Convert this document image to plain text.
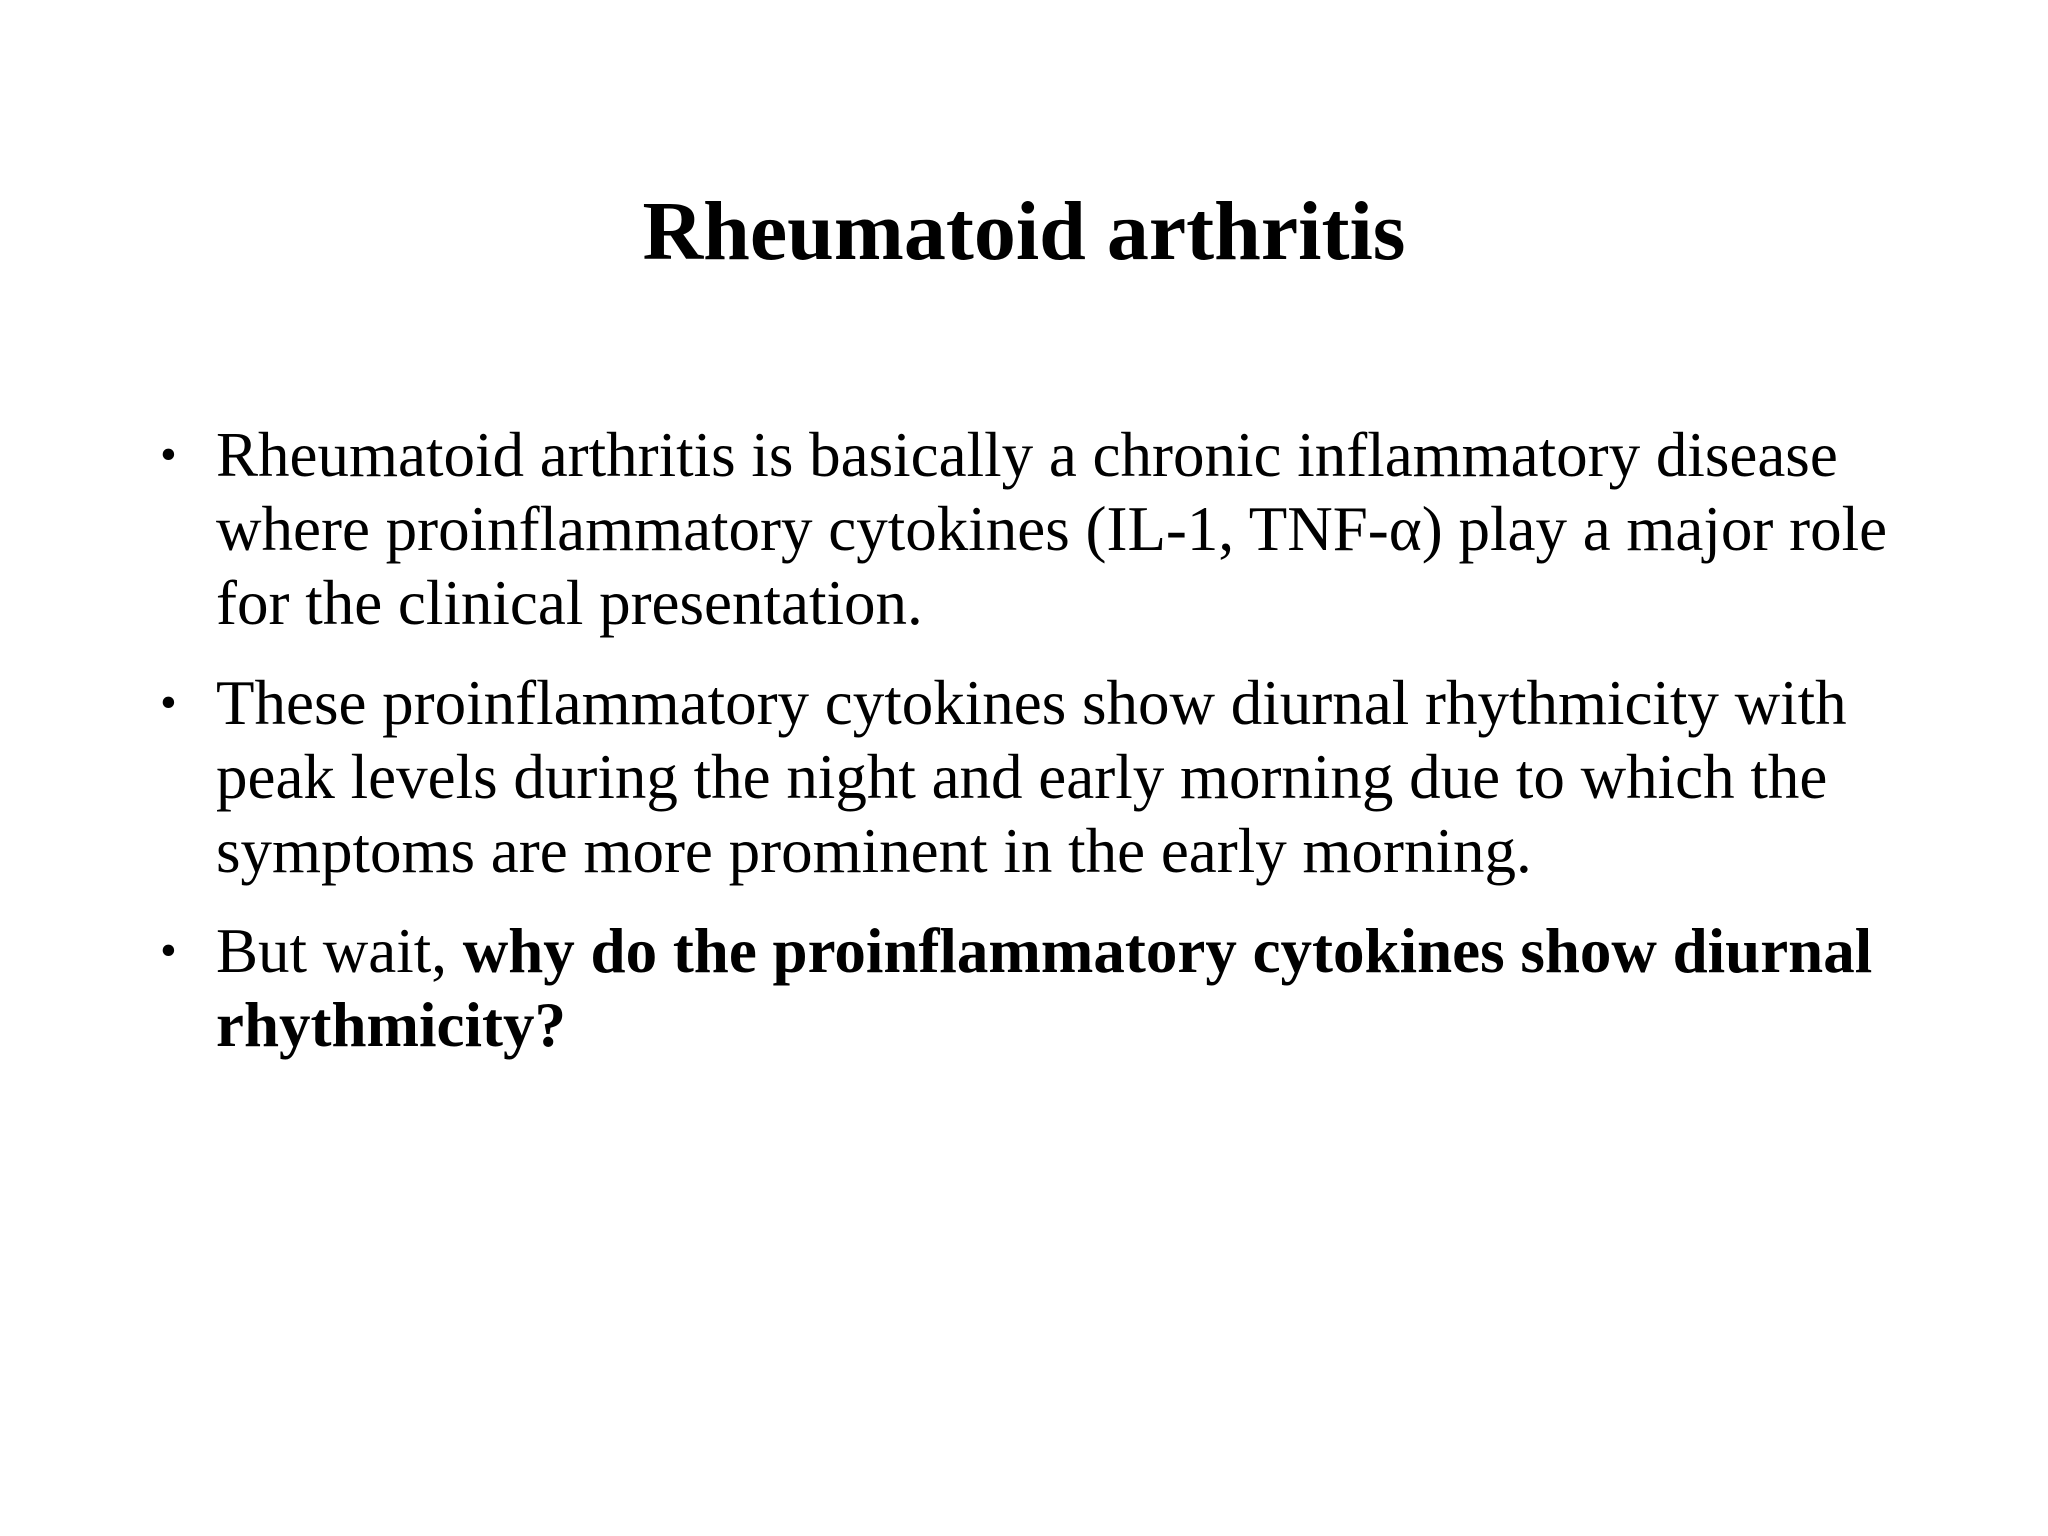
Rheumatoid arthritis
• Rheumatoid arthritis is basically a chronic inflammatory disease where proinflammatory cytokines (IL-1, TNF-α) play a major role for the clinical presentation.
• These proinflammatory cytokines show diurnal rhythmicity with peak levels during the night and early morning due to which the symptoms are more prominent in the early morning.
• But wait, why do the proinflammatory cytokines show diurnal rhythmicity?
